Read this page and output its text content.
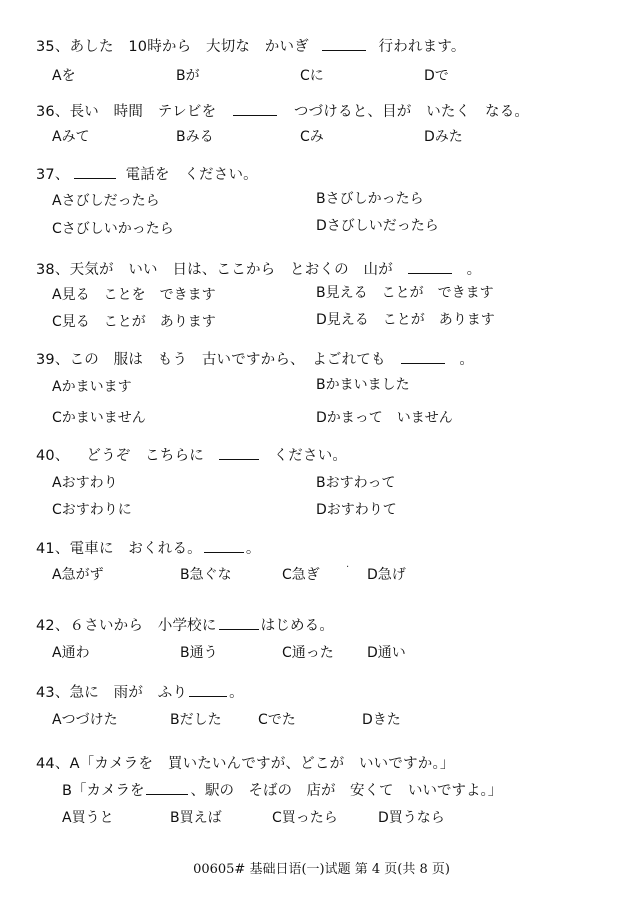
35、あした　10時から　大切な　かいぎ	行われます。
Aを	Bが	Cに	Dで
36、長い　時間　テレビを	つづけると、目が　いたく　なる。
Aみて	Bみる	Cみ	Dみた
37、	電話を　ください。
Aさびしだったら	Bさびしかったら
Cさびしいかったら	Dさびしいだったら
38、天気が　いい　日は、ここから　とおくの　山が	。
A見る　ことを　できます	B見える　ことが　できます
C見る　ことが　あります	D見える　ことが　あります
39、この　服は　もう　古いですから、　よごれても	。
Aかまいます	Bかまいました
Cかまいません	Dかまって　いません
40、 どうぞ　こちらに	ください。
Aおすわり	Bおすわって
Cおすわりに	Dおすわりて
41、電車に　おくれる。	。
A急がず	B急ぐな	C急ぎ	· D急げ
42、６さいから　小学校に	はじめる。
A通わ	B通う	C通った D通い
43、急に　雨が　ふり	。
Aつづけた	Bだした	Cでた	Dきた
44、A「カメラを　買いたいんですが、どこが　いいですか。」
B「カメラを	、駅の　そばの　店が　安くて　いいですよ。」
A買うと	B買えば	C買ったら	D買うなら
00605# 基础日语(一)试题 第 4 页(共 8 页)
